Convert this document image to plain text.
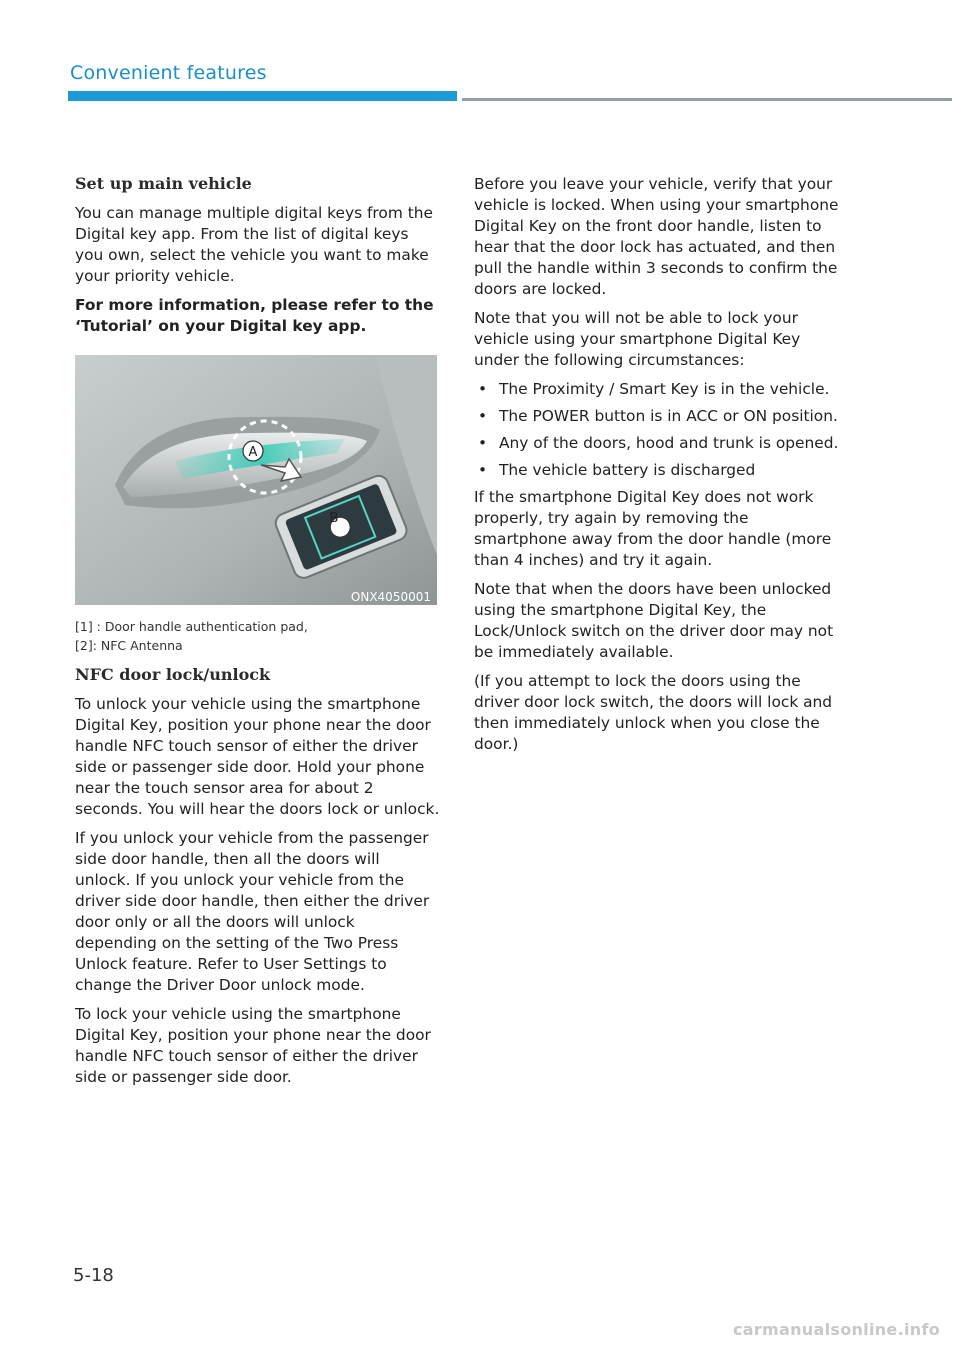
Convenient features
Set up main vehicle

You can manage multiple digital keys from the Digital key app. From the list of digital keys you own, select the vehicle you want to make your priority vehicle.

For more information, please refer to the ‘Tutorial’ on your Digital key app.

A
B
ONX4050001
[1] : Door handle authentication pad,
[2]: NFC Antenna
NFC door lock/unlock

To unlock your vehicle using the smartphone Digital Key, position your phone near the door handle NFC touch sensor of either the driver side or passenger side door. Hold your phone near the touch sensor area for about 2 seconds. You will hear the doors lock or unlock.

If you unlock your vehicle from the passenger side door handle, then all the doors will unlock. If you unlock your vehicle from the driver side door handle, then either the driver door only or all the doors will unlock depending on the setting of the Two Press Unlock feature. Refer to User Settings to change the Driver Door unlock mode.

To lock your vehicle using the smartphone Digital Key, position your phone near the door handle NFC touch sensor of either the driver side or passenger side door.

Before you leave your vehicle, verify that your vehicle is locked. When using your smartphone Digital Key on the front door handle, listen to hear that the door lock has actuated, and then pull the handle within 3 seconds to confirm the doors are locked.

Note that you will not be able to lock your vehicle using your smartphone Digital Key under the following circumstances:

• The Proximity / Smart Key is in the vehicle.
• The POWER button is in ACC or ON position.
• Any of the doors, hood and trunk is opened.
• The vehicle battery is discharged

If the smartphone Digital Key does not work properly, try again by removing the smartphone away from the door handle (more than 4 inches) and try it again.

Note that when the doors have been unlocked using the smartphone Digital Key, the Lock/Unlock switch on the driver door may not be immediately available.

(If you attempt to lock the doors using the driver door lock switch, the doors will lock and then immediately unlock when you close the door.)

5-18
carmanualsonline.info
